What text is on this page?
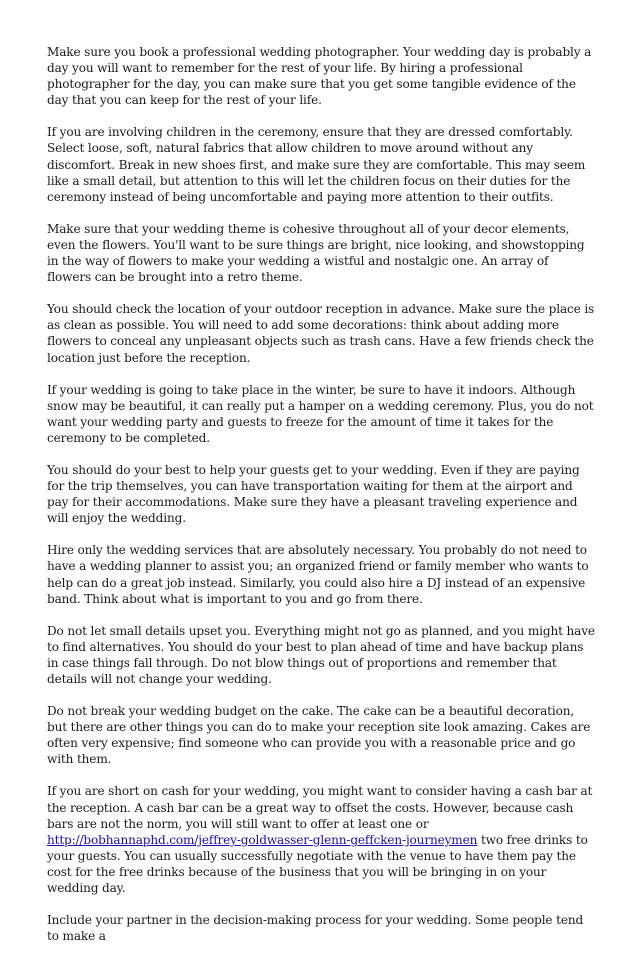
Make sure you book a professional wedding photographer. Your wedding day is probably a day you will want to remember for the rest of your life. By hiring a professional photographer for the day, you can make sure that you get some tangible evidence of the day that you can keep for the rest of your life.

If you are involving children in the ceremony, ensure that they are dressed comfortably. Select loose, soft, natural fabrics that allow children to move around without any discomfort. Break in new shoes first, and make sure they are comfortable. This may seem like a small detail, but attention to this will let the children focus on their duties for the ceremony instead of being uncomfortable and paying more attention to their outfits.

Make sure that your wedding theme is cohesive throughout all of your decor elements, even the flowers. You'll want to be sure things are bright, nice looking, and showstopping in the way of flowers to make your wedding a wistful and nostalgic one. An array of flowers can be brought into a retro theme.

You should check the location of your outdoor reception in advance. Make sure the place is as clean as possible. You will need to add some decorations: think about adding more flowers to conceal any unpleasant objects such as trash cans. Have a few friends check the location just before the reception.

If your wedding is going to take place in the winter, be sure to have it indoors. Although snow may be beautiful, it can really put a hamper on a wedding ceremony. Plus, you do not want your wedding party and guests to freeze for the amount of time it takes for the ceremony to be completed.

You should do your best to help your guests get to your wedding. Even if they are paying for the trip themselves, you can have transportation waiting for them at the airport and pay for their accommodations. Make sure they have a pleasant traveling experience and will enjoy the wedding.

Hire only the wedding services that are absolutely necessary. You probably do not need to have a wedding planner to assist you; an organized friend or family member who wants to help can do a great job instead. Similarly, you could also hire a DJ instead of an expensive band. Think about what is important to you and go from there.

Do not let small details upset you. Everything might not go as planned, and you might have to find alternatives. You should do your best to plan ahead of time and have backup plans in case things fall through. Do not blow things out of proportions and remember that details will not change your wedding.

Do not break your wedding budget on the cake. The cake can be a beautiful decoration, but there are other things you can do to make your reception site look amazing. Cakes are often very expensive; find someone who can provide you with a reasonable price and go with them.

If you are short on cash for your wedding, you might want to consider having a cash bar at the reception. A cash bar can be a great way to offset the costs. However, because cash bars are not the norm, you will still want to offer at least one or http://bobhannaphd.com/jeffrey-goldwasser-glenn-geffcken-journeymen two free drinks to your guests. You can usually successfully negotiate with the venue to have them pay the cost for the free drinks because of the business that you will be bringing in on your wedding day.

Include your partner in the decision-making process for your wedding. Some people tend to make a
